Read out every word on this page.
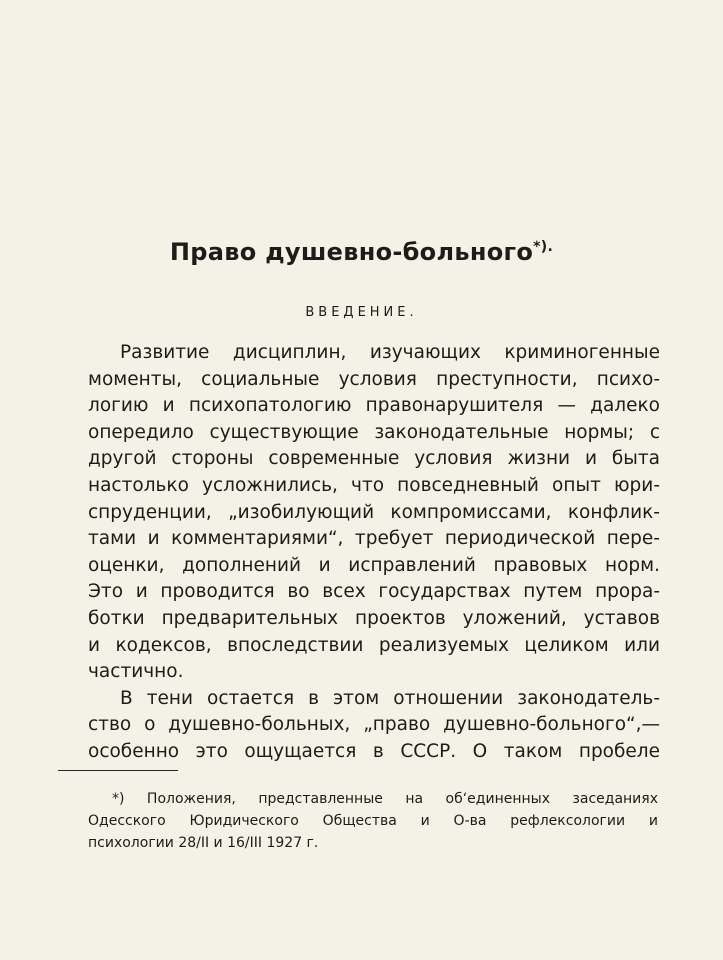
Право душевно-больного*).
ВВЕДЕНИЕ.
Развитие дисциплин, изучающих криминогенные
моменты, социальные условия преступности, психо-
логию и психопатологию правонарушителя — далеко
опередило существующие законодательные нормы; с
другой стороны современные условия жизни и быта
настолько усложнились, что повседневный опыт юри-
спруденции, „изобилующий компромиссами, конфлик-
тами и комментариями“, требует периодической пере-
оценки, дополнений и исправлений правовых норм.
Это и проводится во всех государствах путем прора-
ботки предварительных проектов уложений, уставов
и кодексов, впоследствии реализуемых целиком или
частично.
В тени остается в этом отношении законодатель-
ство о душевно-больных, „право душевно-больного“,—
особенно это ощущается в СССР. О таком пробеле
*) Положения, представленные на об‘единенных заседаниях
Одесского Юридического Общества и О-ва рефлексологии и
психологии 28/II и 16/III 1927 г.
